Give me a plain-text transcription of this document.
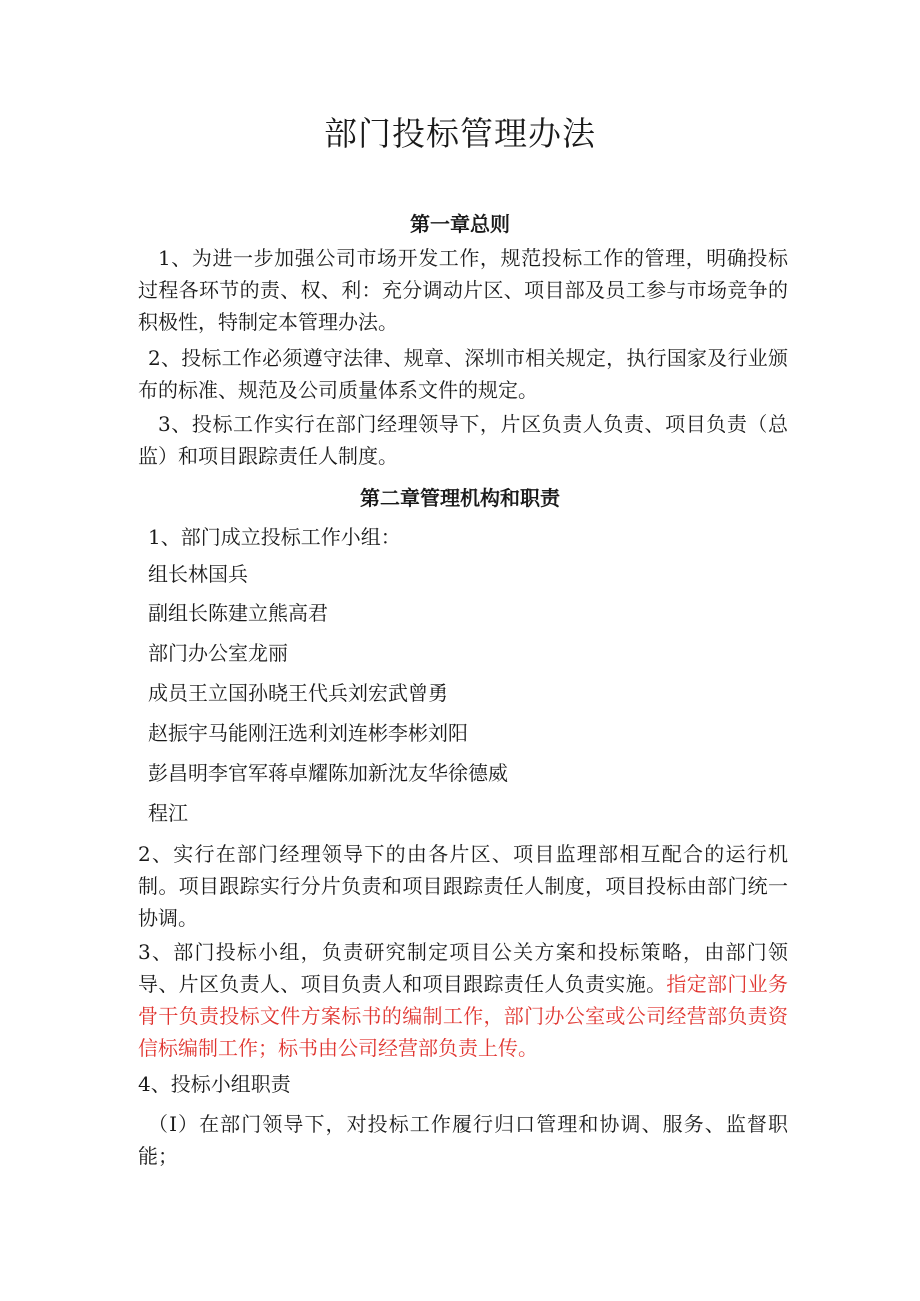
部门投标管理办法
第一章总则

1、为进一步加强公司市场开发工作，规范投标工作的管理，明确投标过程各环节的责、权、利：充分调动片区、项目部及员工参与市场竞争的积极性，特制定本管理办法。

2、投标工作必须遵守法律、规章、深圳市相关规定，执行国家及行业颁布的标准、规范及公司质量体系文件的规定。

3、投标工作实行在部门经理领导下，片区负责人负责、项目负责（总监）和项目跟踪责任人制度。

第二章管理机构和职责

1、部门成立投标工作小组：

组长林国兵

副组长陈建立熊高君

部门办公室龙丽

成员王立国孙晓王代兵刘宏武曾勇

赵振宇马能刚汪选利刘连彬李彬刘阳

彭昌明李官军蒋卓耀陈加新沈友华徐德威

程江

2、实行在部门经理领导下的由各片区、项目监理部相互配合的运行机制。项目跟踪实行分片负责和项目跟踪责任人制度，项目投标由部门统一协调。

3、部门投标小组，负责研究制定项目公关方案和投标策略，由部门领导、片区负责人、项目负责人和项目跟踪责任人负责实施。指定部门业务骨干负责投标文件方案标书的编制工作，部门办公室或公司经营部负责资信标编制工作；标书由公司经营部负责上传。

4、投标小组职责

（I）在部门领导下，对投标工作履行归口管理和协调、服务、监督职能；
